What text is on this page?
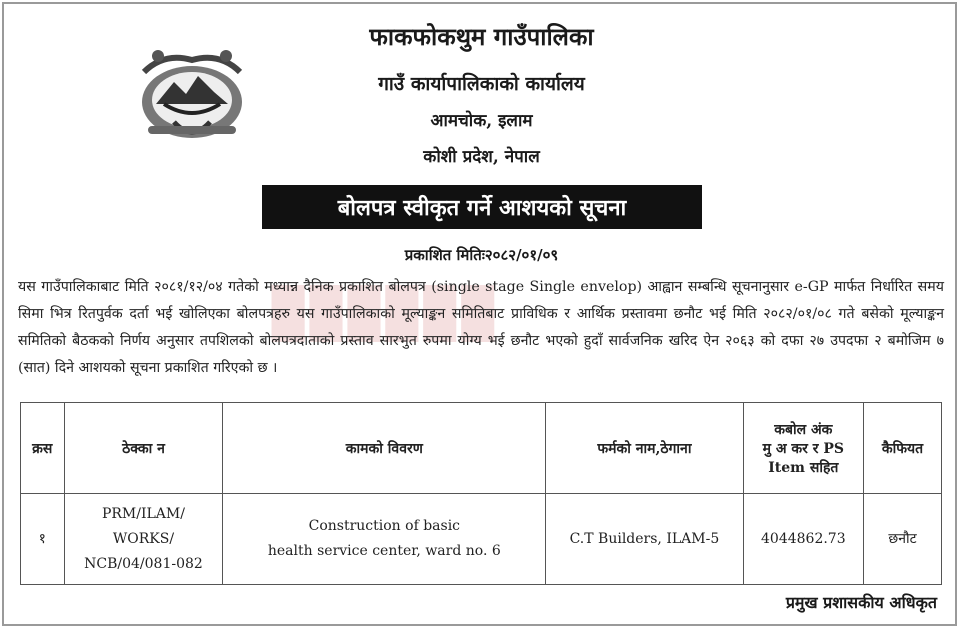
फाकफोकथुम गाउँपालिका
गाउँ कार्यापालिकाको कार्यालय
आमचोक, इलाम
कोशी प्रदेश, नेपाल
बोलपत्र स्वीकृत गर्ने आशयको सूचना
प्रकाशित मितिः२०८२/०१/०९
▉▉▉▉▉▉
यस गाउँपालिकाबाट मिति २०८१/१२/०४ गतेको मध्यान्न दैनिक प्रकाशित बोलपत्र (single stage Single envelop) आह्वान सम्बन्धि सूचनानुसार e-GP मार्फत निर्धारित समय सिमा भित्र रितपुर्वक दर्ता भई खोलिएका बोलपत्रहरु यस गाउँपालिकाको मूल्याङ्कन समितिबाट प्राविधिक र आर्थिक प्रस्तावमा छनौट भई मिति २०८२/०१/०८ गते बसेको मूल्याङ्कन समितिको बैठकको निर्णय अनुसार तपशिलको बोलपत्रदाताको प्रस्ताव सारभुत रुपमा योग्य भई छनौट भएको हुदाँ सार्वजनिक खरिद ऐन २०६३ को दफा २७ उपदफा २ बमोजिम ७ (सात) दिने आशयको सूचना प्रकाशित गरिएको छ ।
क्रस	ठेक्का न	कामको विवरण	फर्मको नाम,ठेगाना	कबोल अंक
मु अ कर र PS
Item सहित	कैफियत
१	PRM/ILAM/
WORKS/
NCB/04/081-082	Construction of basic
health service center, ward no. 6	C.T Builders, ILAM-5	4044862.73	छनौट
प्रमुख प्रशासकीय अधिकृत
